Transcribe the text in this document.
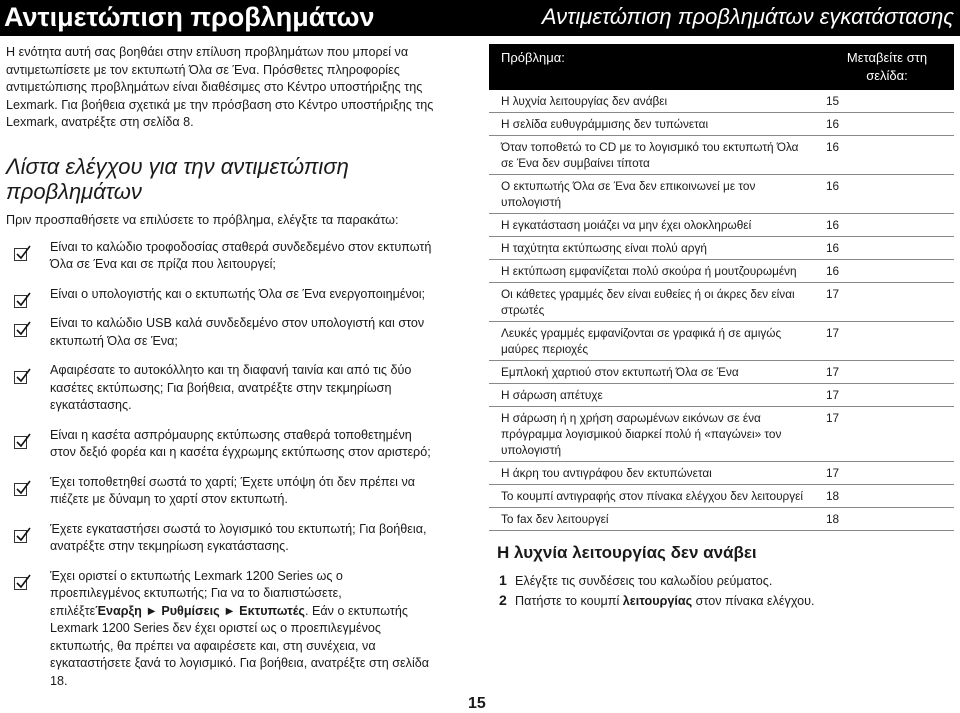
Αντιμετώπιση προβλημάτων	Αντιμετώπιση προβλημάτων εγκατάστασης

Η ενότητα αυτή σας βοηθάει στην επίλυση προβλημάτων που μπορεί να αντιμετωπίσετε με τον εκτυπωτή Όλα σε Ένα. Πρόσθετες πληροφορίες αντιμετώπισης προβλημάτων είναι διαθέσιμες στο Κέντρο υποστήριξης της Lexmark. Για βοήθεια σχετικά με την πρόσβαση στο Κέντρο υποστήριξης της Lexmark, ανατρέξτε στη σελίδα 8.

Λίστα ελέγχου για την αντιμετώπιση προβλημάτων

Πριν προσπαθήσετε να επιλύσετε το πρόβλημα, ελέγξτε τα παρακάτω:

Είναι το καλώδιο τροφοδοσίας σταθερά συνδεδεμένο στον εκτυπωτή Όλα σε Ένα και σε πρίζα που λειτουργεί;
Είναι ο υπολογιστής και ο εκτυπωτής Όλα σε Ένα ενεργοποιημένοι;
Είναι το καλώδιο USB καλά συνδεδεμένο στον υπολογιστή και στον εκτυπωτή Όλα σε Ένα;
Αφαιρέσατε το αυτοκόλλητο και τη διαφανή ταινία και από τις δύο κασέτες εκτύπωσης; Για βοήθεια, ανατρέξτε στην τεκμηρίωση εγκατάστασης.
Είναι η κασέτα ασπρόμαυρης εκτύπωσης σταθερά τοποθετημένη στον δεξιό φορέα και η κασέτα έγχρωμης εκτύπωσης στον αριστερό;
Έχει τοποθετηθεί σωστά το χαρτί; Έχετε υπόψη ότι δεν πρέπει να πιέζετε με δύναμη το χαρτί στον εκτυπωτή.
Έχετε εγκαταστήσει σωστά το λογισμικό του εκτυπωτή; Για βοήθεια, ανατρέξτε στην τεκμηρίωση εγκατάστασης.
Έχει οριστεί ο εκτυπωτής Lexmark 1200 Series ως ο προεπιλεγμένος εκτυπωτής; Για να το διαπιστώσετε, επιλέξτεΈναρξη ► Ρυθμίσεις ► Εκτυπωτές. Εάν ο εκτυπωτής Lexmark 1200 Series δεν έχει οριστεί ως ο προεπιλεγμένος εκτυπωτής, θα πρέπει να αφαιρέσετε και, στη συνέχεια, να εγκαταστήσετε ξανά το λογισμικό. Για βοήθεια, ανατρέξτε στη σελίδα 18.
Πρόβλημα:	Μεταβείτε στη σελίδα:
Η λυχνία λειτουργίας δεν ανάβει	15
Η σελίδα ευθυγράμμισης δεν τυπώνεται	16
Όταν τοποθετώ το CD με το λογισμικό του εκτυπωτή Όλα σε Ένα δεν συμβαίνει τίποτα	16
Ο εκτυπωτής Όλα σε Ένα δεν επικοινωνεί με τον υπολογιστή	16
Η εγκατάσταση μοιάζει να μην έχει ολοκληρωθεί	16
Η ταχύτητα εκτύπωσης είναι πολύ αργή	16
Η εκτύπωση εμφανίζεται πολύ σκούρα ή μουτζουρωμένη	16
Οι κάθετες γραμμές δεν είναι ευθείες ή οι άκρες δεν είναι στρωτές	17
Λευκές γραμμές εμφανίζονται σε γραφικά ή σε αμιγώς μαύρες περιοχές	17
Εμπλοκή χαρτιού στον εκτυπωτή Όλα σε Ένα	17
Η σάρωση απέτυχε	17
Η σάρωση ή η χρήση σαρωμένων εικόνων σε ένα πρόγραμμα λογισμικού διαρκεί πολύ ή «παγώνει» τον υπολογιστή	17
Η άκρη του αντιγράφου δεν εκτυπώνεται	17
Το κουμπί αντιγραφής στον πίνακα ελέγχου δεν λειτουργεί	18
Το fax δεν λειτουργεί	18
Η λυχνία λειτουργίας δεν ανάβει
1 Ελέγξτε τις συνδέσεις του καλωδίου ρεύματος.
2 Πατήστε το κουμπί λειτουργίας στον πίνακα ελέγχου.
15
